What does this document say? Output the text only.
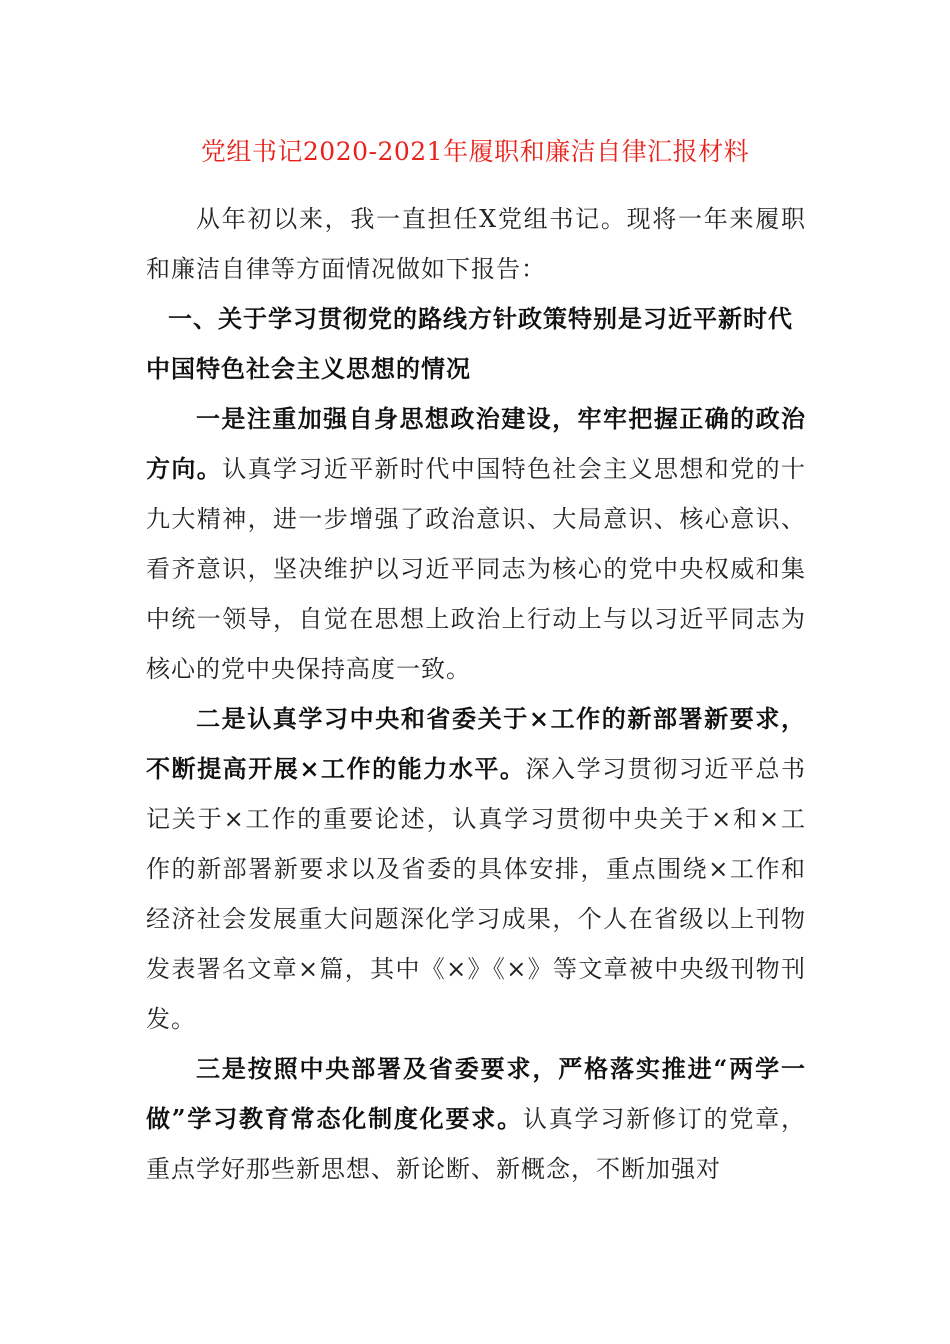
党组书记2020-2021年履职和廉洁自律汇报材料

从年初以来，我一直担任X党组书记。现将一年来履职和廉洁自律等方面情况做如下报告：

一、关于学习贯彻党的路线方针政策特别是习近平新时代中国特色社会主义思想的情况

一是注重加强自身思想政治建设，牢牢把握正确的政治方向。认真学习近平新时代中国特色社会主义思想和党的十九大精神，进一步增强了政治意识、大局意识、核心意识、看齐意识，坚决维护以习近平同志为核心的党中央权威和集中统一领导，自觉在思想上政治上行动上与以习近平同志为核心的党中央保持高度一致。

二是认真学习中央和省委关于×工作的新部署新要求，不断提高开展×工作的能力水平。深入学习贯彻习近平总书记关于×工作的重要论述，认真学习贯彻中央关于×和×工作的新部署新要求以及省委的具体安排，重点围绕×工作和经济社会发展重大问题深化学习成果，个人在省级以上刊物发表署名文章×篇，其中《×》《×》等文章被中央级刊物刊发。

三是按照中央部署及省委要求，严格落实推进“两学一做”学习教育常态化制度化要求。认真学习新修订的党章，重点学好那些新思想、新论断、新概念，不断加强对
